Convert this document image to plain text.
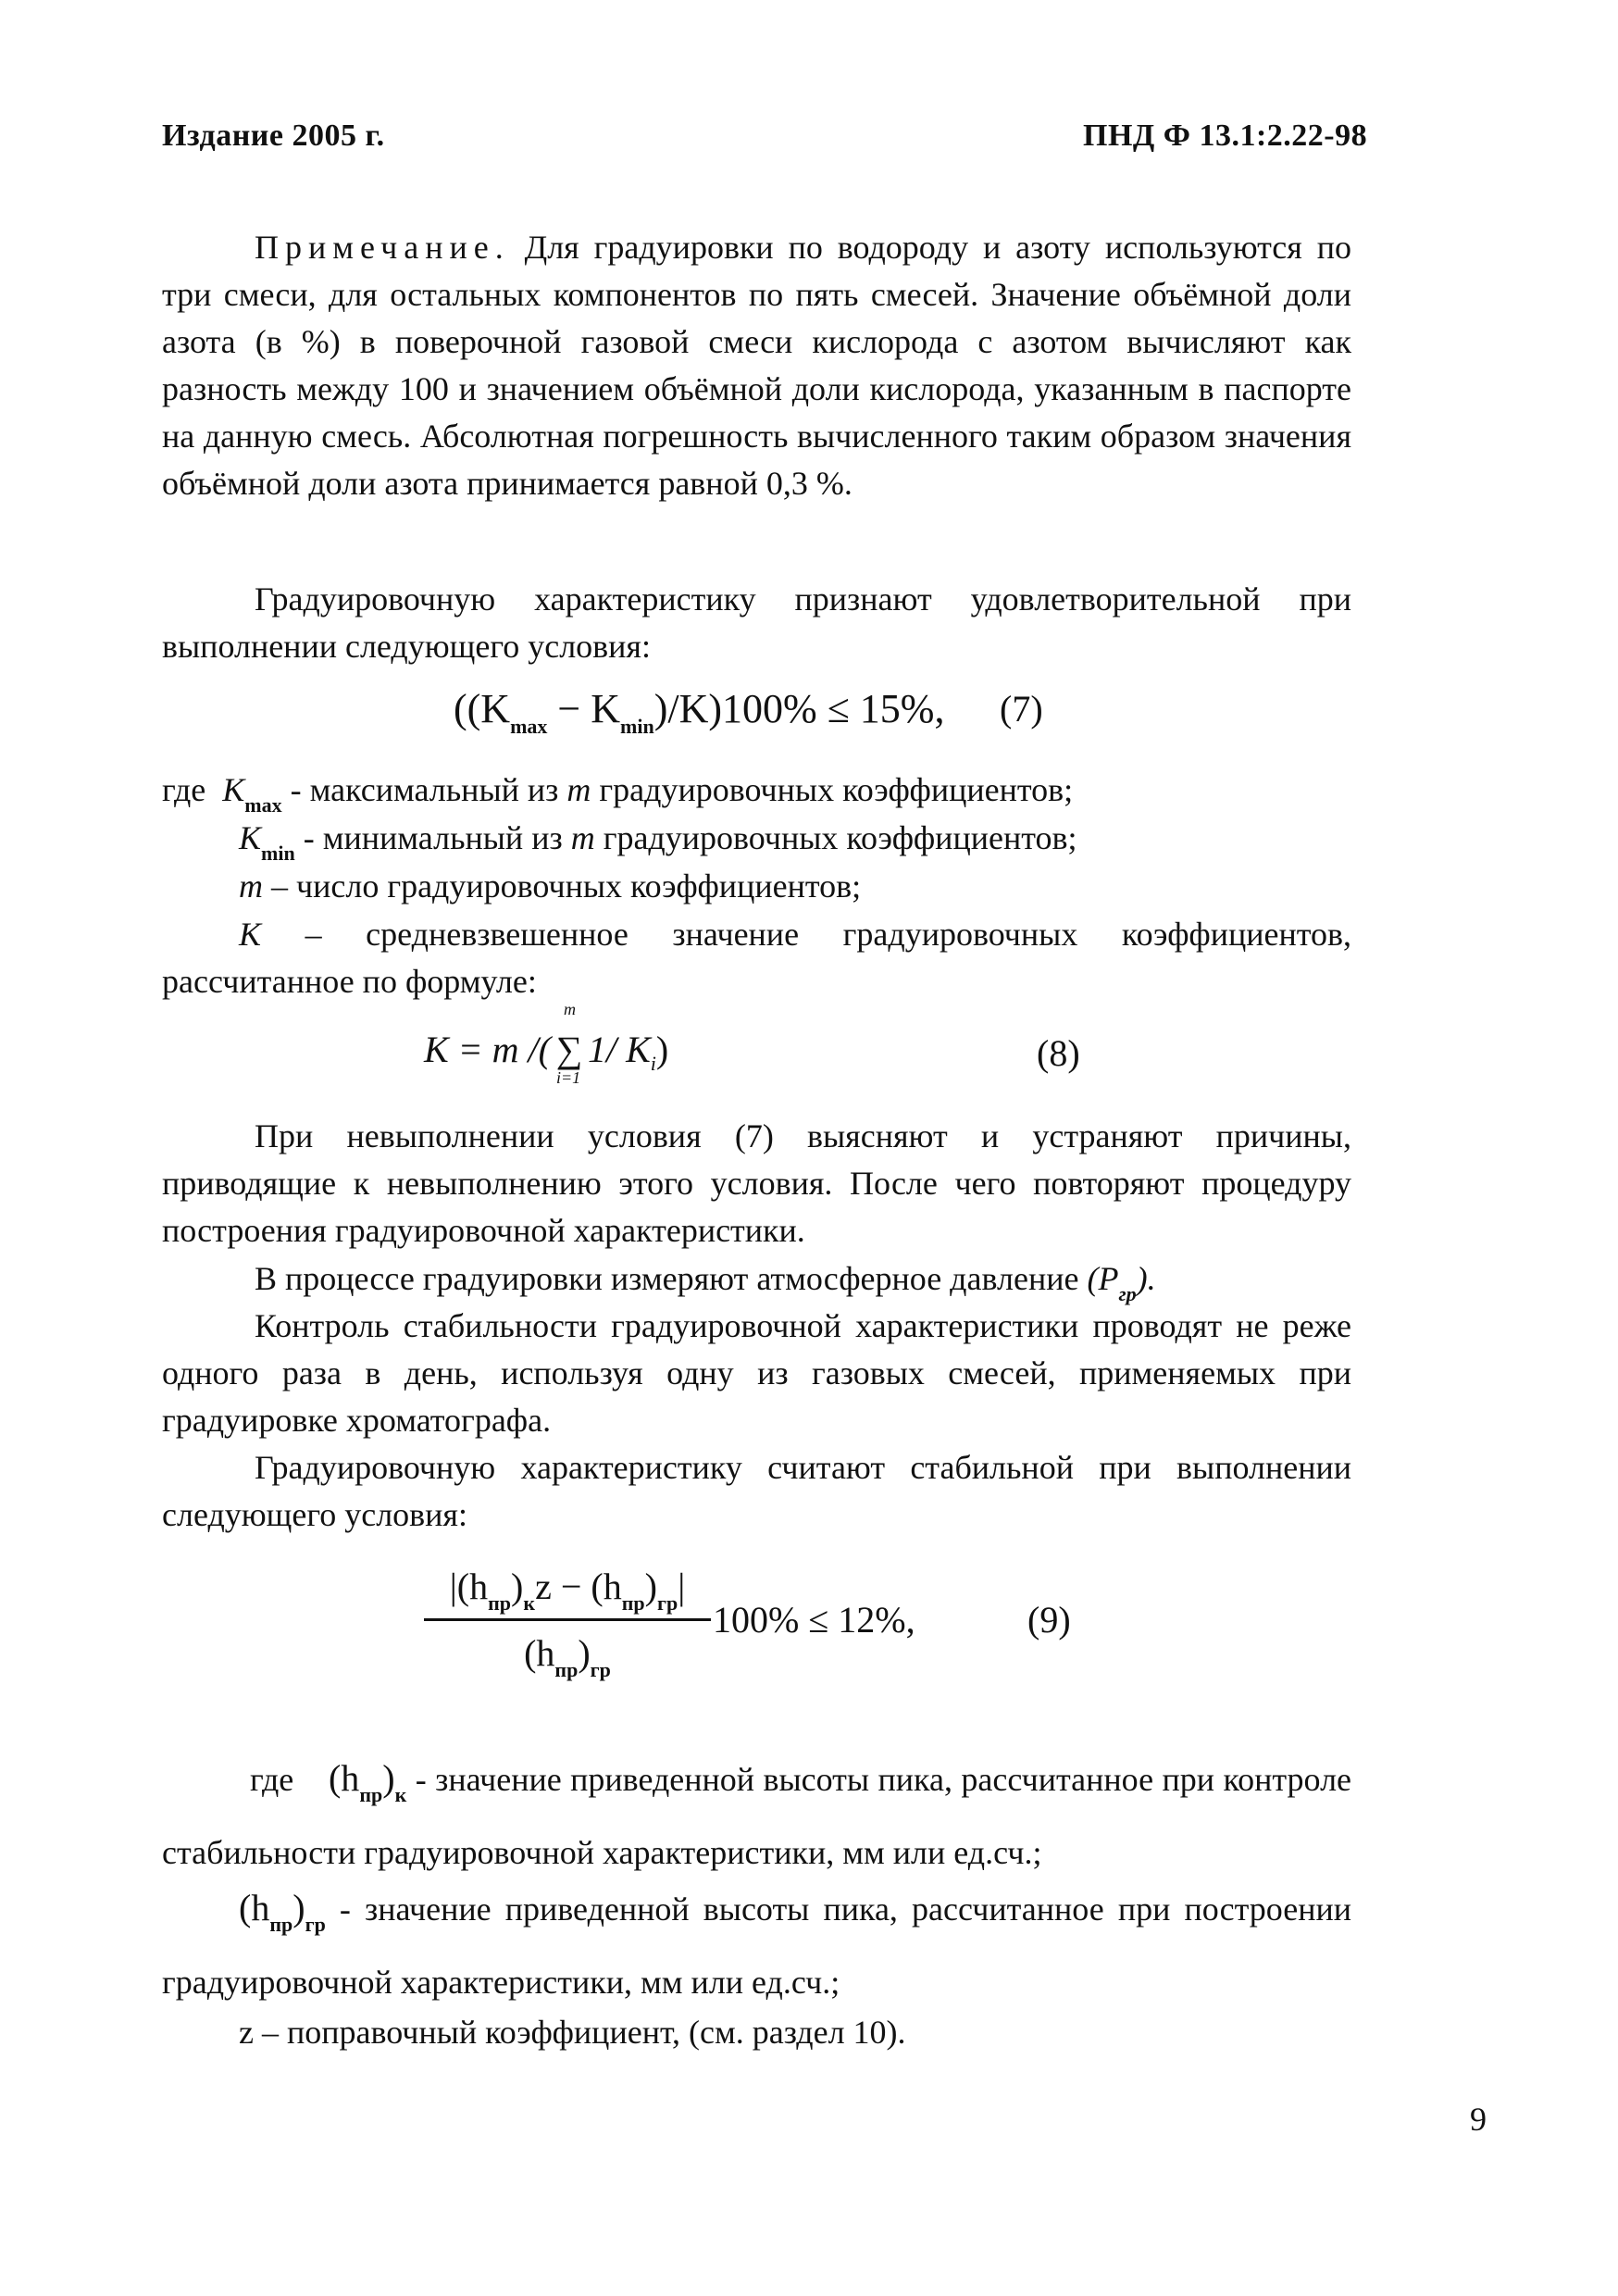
Издание 2005 г.	ПНД Ф 13.1:2.22-98

Примечание. Для градуировки по водороду и азоту используются по три смеси, для остальных компонентов по пять смесей. Значение объёмной доли азота (в %) в поверочной газовой смеси кислорода с азотом вычисляют как разность между 100 и значением объёмной доли кислорода, указанным в паспорте на данную смесь. Абсолютная погрешность вычисленного таким образом значения объёмной доли азота принимается равной 0,3 %.

Градуировочную характеристику признают удовлетворительной при выполнении следующего условия:

$((K_{max} - K_{min})/K)100\% \le 15\%$, (7)
где $K_{max}$ - максимальный из m градуировочных коэффициентов;
$K_{min}$ - минимальный из m градуировочных коэффициентов;
m – число градуировочных коэффициентов;

K – средневзвешенное значение градуировочных коэффициентов, рассчитанное по формуле:

K = m /(
m
∑
i=1
1/ $K_i$)	(8)

При невыполнении условия (7) выясняют и устраняют причины, приводящие к невыполнению этого условия. После чего повторяют процедуру построения градуировочной характеристики.

В процессе градуировки измеряют атмосферное давление $(P_{гр})$.

Контроль стабильности градуировочной характеристики проводят не реже одного раза в день, используя одну из газовых смесей, применяемых при градуировке хроматографа.

Градуировочную характеристику считают стабильной при выполнении следующего условия:

$|(h_{пр})_кz - (h_{пр})_{гр}|$
$(h_{пр})_{гр}$
100% ≤ 12%,	(9)

где $(h_{пр})_к$ - значение приведенной высоты пика, рассчитанное при контроле стабильности градуировочной характеристики, мм или ед.сч.;

$(h_{пр})_{гр}$ - значение приведенной высоты пика, рассчитанное при построении градуировочной характеристики, мм или ед.сч.;

z – поправочный коэффициент, (см. раздел 10).
9
